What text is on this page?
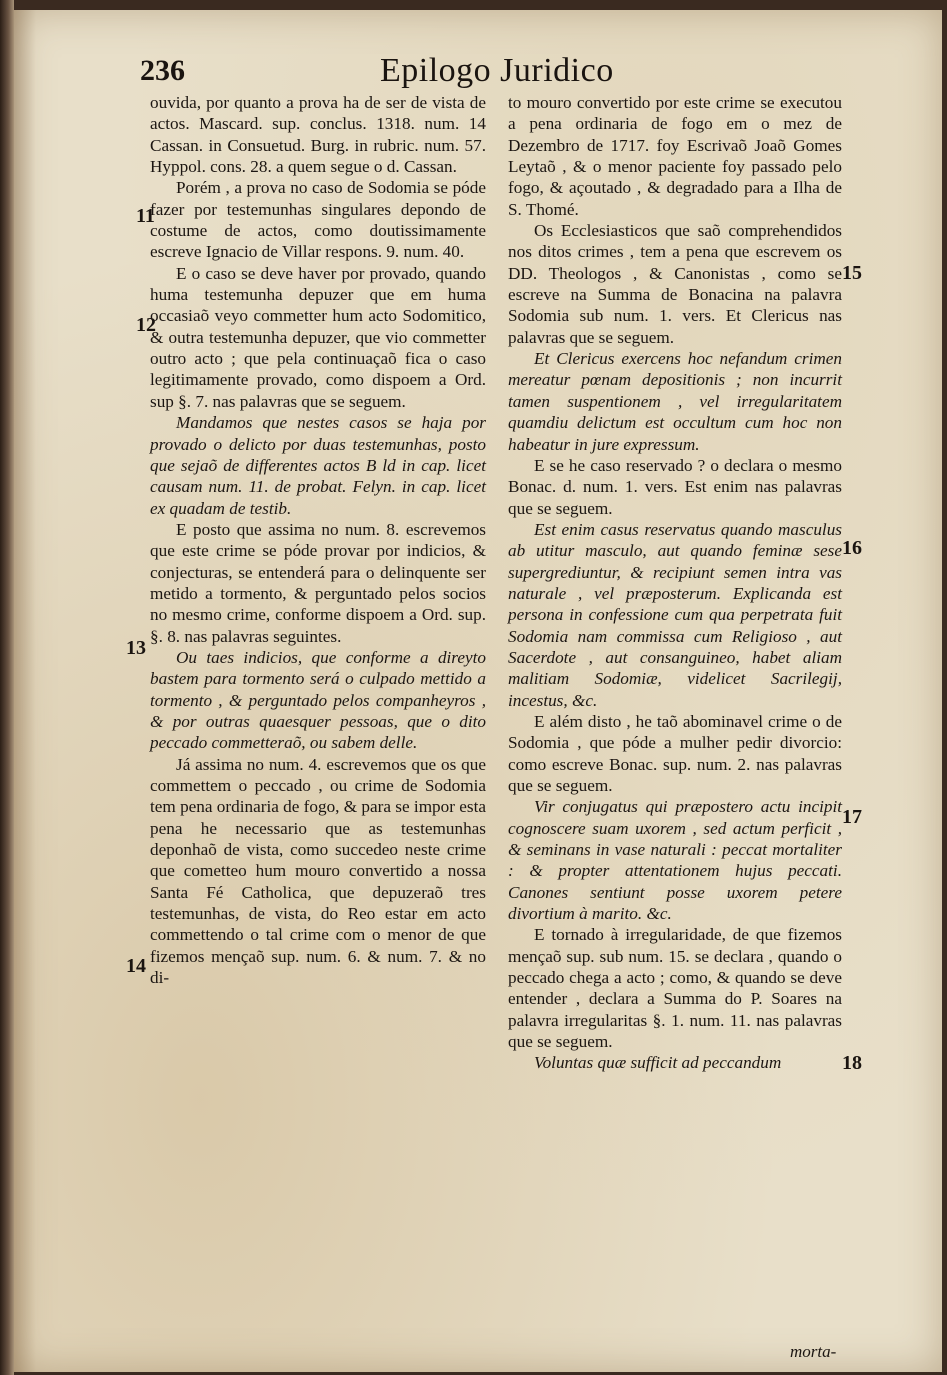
236	Epilogo Juridico
11
12
13
14
15
16
17
18

ouvida, por quanto a prova ha de ser de vista de actos. Mascard. sup. conclus. 1318. num. 14 Cassan. in Consuetud. Burg. in rubric. num. 57. Hyppol. cons. 28. a quem segue o d. Cassan.

Porém , a prova no caso de Sodomia se póde fazer por testemunhas singulares depondo de costume de actos, como doutissimamente escreve Ignacio de Villar respons. 9. num. 40.

E o caso se deve haver por provado, quando huma testemunha depuzer que em huma occasiaõ veyo commetter hum acto Sodomitico, & outra testemunha depuzer, que vio commetter outro acto ; que pela continuaçaõ fica o caso legitimamente provado, como dispoem a Ord. sup §. 7. nas palavras que se seguem.

Mandamos que nestes casos se haja por provado o delicto por duas testemunhas, posto que sejaõ de differentes actos B ld in cap. licet causam num. 11. de probat. Felyn. in cap. licet ex quadam de testib.

E posto que assima no num. 8. escrevemos que este crime se póde provar por indicios, & conjecturas, se entenderá para o delinquente ser metido a tormento, & perguntado pelos socios no mesmo crime, conforme dispoem a Ord. sup. §. 8. nas palavras seguintes.

Ou taes indicios, que conforme a direyto bastem para tormento será o culpado mettido a tormento , & perguntado pelos companheyros , & por outras quaesquer pessoas, que o dito peccado commetteraõ, ou sabem delle.

Já assima no num. 4. escrevemos que os que commettem o peccado , ou crime de Sodomia tem pena ordinaria de fogo, & para se impor esta pena he necessario que as testemunhas deponhaõ de vista, como succedeo neste crime que cometteo hum mouro convertido a nossa Santa Fé Catholica, que depuzeraõ tres testemunhas, de vista, do Reo estar em acto commettendo o tal crime com o menor de que fizemos mençaõ sup. num. 6. & num. 7. & no di-

to mouro convertido por este crime se executou a pena ordinaria de fogo em o mez de Dezembro de 1717. foy Escrivaõ Joaõ Gomes Leytaõ , & o menor paciente foy passado pelo fogo, & açoutado , & degradado para a Ilha de S. Thomé.

Os Ecclesiasticos que saõ comprehendidos nos ditos crimes , tem a pena que escrevem os DD. Theologos , & Canonistas , como se escreve na Summa de Bonacina na palavra Sodomia sub num. 1. vers. Et Clericus nas palavras que se seguem.

Et Clericus exercens hoc nefandum crimen mereatur pœnam depositionis ; non incurrit tamen suspentionem , vel irregularitatem quamdiu delictum est occultum cum hoc non habeatur in jure expressum.

E se he caso reservado ? o declara o mesmo Bonac. d. num. 1. vers. Est enim nas palavras que se seguem.

Est enim casus reservatus quando masculus ab utitur masculo, aut quando feminæ sese supergrediuntur, & recipiunt semen intra vas naturale , vel præposterum. Explicanda est persona in confessione cum qua perpetrata fuit Sodomia nam commissa cum Religioso , aut Sacerdote , aut consanguineo, habet aliam malitiam Sodomiæ, videlicet Sacrilegij, incestus, &c.

E além disto , he taõ abominavel crime o de Sodomia , que póde a mulher pedir divorcio: como escreve Bonac. sup. num. 2. nas palavras que se seguem.

Vir conjugatus qui præpostero actu incipit cognoscere suam uxorem , sed actum perficit , & seminans in vase naturali : peccat mortaliter : & propter attentationem hujus peccati. Canones sentiunt posse uxorem petere divortium à marito. &c.

E tornado à irregularidade, de que fizemos mençaõ sup. sub num. 15. se declara , quando o peccado chega a acto ; como, & quando se deve entender , declara a Summa do P. Soares na palavra irregularitas §. 1. num. 11. nas palavras que se seguem.

Voluntas quæ sufficit ad peccandum

morta-
